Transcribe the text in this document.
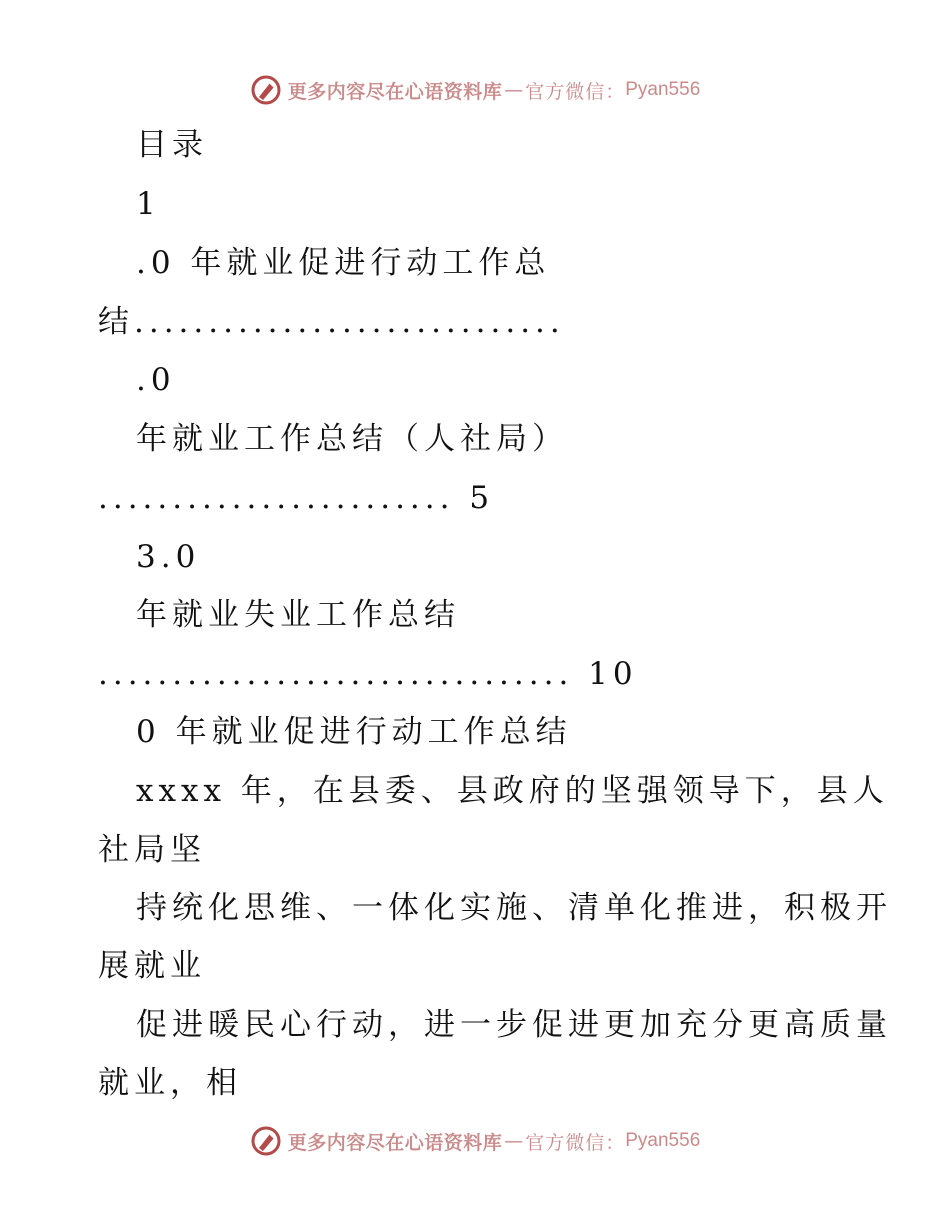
更多内容尽在心语资料库 — 官方微信： Pyan556
目录
1
.0 年就业促进行动工作总
结.............................
.0
年就业工作总结（人社局）
........................ 5
3.0
年就业失业工作总结
................................ 10
0 年就业促进行动工作总结
xxxx 年，在县委、县政府的坚强领导下，县人
社局坚
持统化思维、一体化实施、清单化推进，积极开
展就业
促进暖民心行动，进一步促进更加充分更高质量
就业，相
更多内容尽在心语资料库 — 官方微信： Pyan556
